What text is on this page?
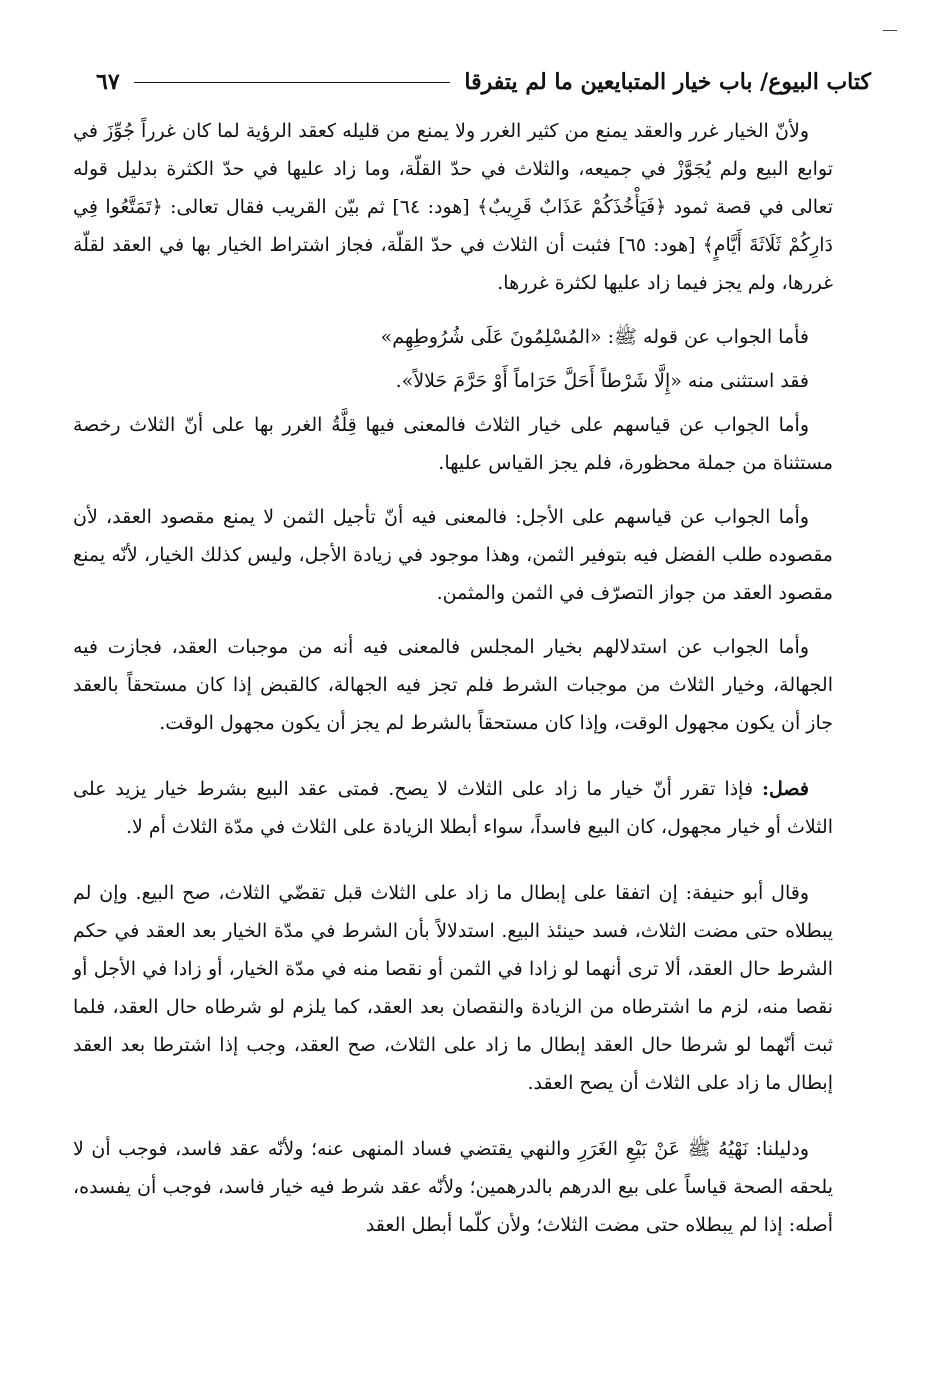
كتاب البيوع/ باب خيار المتبايعين ما لم يتفرقا
٦٧

ولأنّ الخيار غرر والعقد يمنع من كثير الغرر ولا يمنع من قليله كعقد الرؤية لما كان غرراً جُوِّزَ في توابع البيع ولم يُجَوَّزْ في جميعه، والثلاث في حدّ القلّة، وما زاد عليها في حدّ الكثرة بدليل قوله تعالى في قصة ثمود ﴿فَيَأْخُذَكُمْ عَذَابٌ قَرِيبٌ﴾ [هود: ٦٤] ثم بيّن القريب فقال تعالى: ﴿تَمَتَّعُوا فِي دَارِكُمْ ثَلَاثَةَ أَيَّامٍ﴾ [هود: ٦٥] فثبت أن الثلاث في حدّ القلّة، فجاز اشتراط الخيار بها في العقد لقلّة غررها، ولم يجز فيما زاد عليها لكثرة غررها.

فأما الجواب عن قوله ﷺ: «المُسْلِمُونَ عَلَى شُرُوطِهِم»

فقد استثنى منه «إِلَّا شَرْطاً أَحَلَّ حَرَاماً أَوْ حَرَّمَ حَلالاً».

وأما الجواب عن قياسهم على خيار الثلاث فالمعنى فيها قِلَّةُ الغرر بها على أنّ الثلاث رخصة مستثناة من جملة محظورة، فلم يجز القياس عليها.

وأما الجواب عن قياسهم على الأجل: فالمعنى فيه أنّ تأجيل الثمن لا يمنع مقصود العقد، لأن مقصوده طلب الفضل فيه بتوفير الثمن، وهذا موجود في زيادة الأجل، وليس كذلك الخيار، لأنّه يمنع مقصود العقد من جواز التصرّف في الثمن والمثمن.

وأما الجواب عن استدلالهم بخيار المجلس فالمعنى فيه أنه من موجبات العقد، فجازت فيه الجهالة، وخيار الثلاث من موجبات الشرط فلم تجز فيه الجهالة، كالقبض إذا كان مستحقاً بالعقد جاز أن يكون مجهول الوقت، وإذا كان مستحقاً بالشرط لم يجز أن يكون مجهول الوقت.

فصل: فإذا تقرر أنّ خيار ما زاد على الثلاث لا يصح. فمتى عقد البيع بشرط خيار يزيد على الثلاث أو خيار مجهول، كان البيع فاسداً، سواء أبطلا الزيادة على الثلاث في مدّة الثلاث أم لا.

وقال أبو حنيفة: إن اتفقا على إبطال ما زاد على الثلاث قبل تقضّي الثلاث، صح البيع. وإن لم يبطلاه حتى مضت الثلاث، فسد حينئذ البيع. استدلالاً بأن الشرط في مدّة الخيار بعد العقد في حكم الشرط حال العقد، ألا ترى أنهما لو زادا في الثمن أو نقصا منه في مدّة الخيار، أو زادا في الأجل أو نقصا منه، لزم ما اشترطاه من الزيادة والنقصان بعد العقد، كما يلزم لو شرطاه حال العقد، فلما ثبت أنّهما لو شرطا حال العقد إبطال ما زاد على الثلاث، صح العقد، وجب إذا اشترطا بعد العقد إبطال ما زاد على الثلاث أن يصح العقد.

ودليلنا: نَهْيُهُ ﷺ عَنْ بَيْعِ الغَرَرِ والنهي يقتضي فساد المنهى عنه؛ ولأنّه عقد فاسد، فوجب أن لا يلحقه الصحة قياساً على بيع الدرهم بالدرهمين؛ ولأنّه عقد شرط فيه خيار فاسد، فوجب أن يفسده، أصله: إذا لم يبطلاه حتى مضت الثلاث؛ ولأن كلّما أبطل العقد
